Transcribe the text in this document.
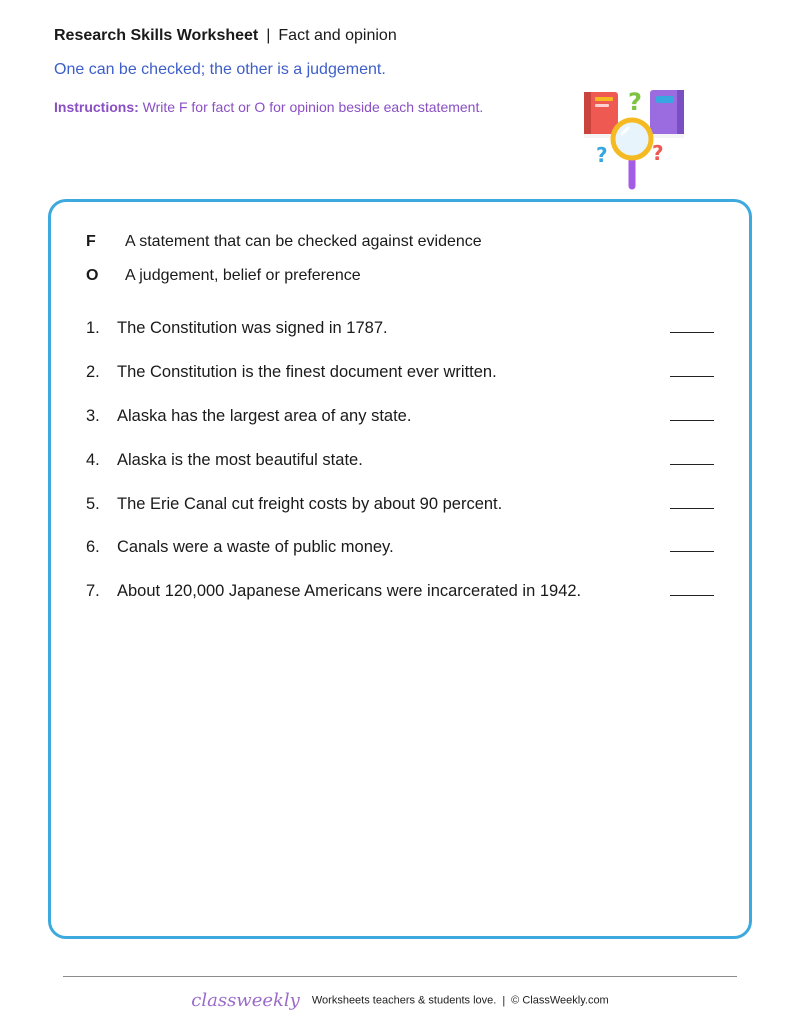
Research Skills Worksheet | Fact and opinion
One can be checked; the other is a judgement.
Instructions: Write F for fact or O for opinion beside each statement.	?
? ?
F A statement that can be checked against evidence
O A judgement, belief or preference
1. The Constitution was signed in 1787.
2. The Constitution is the finest document ever written.
3. Alaska has the largest area of any state.
4. Alaska is the most beautiful state.
5. The Erie Canal cut freight costs by about 90 percent.
6. Canals were a waste of public money.
7. About 120,000 Japanese Americans were incarcerated in 1942.
classweekly Worksheets teachers & students love. | © ClassWeekly.com
